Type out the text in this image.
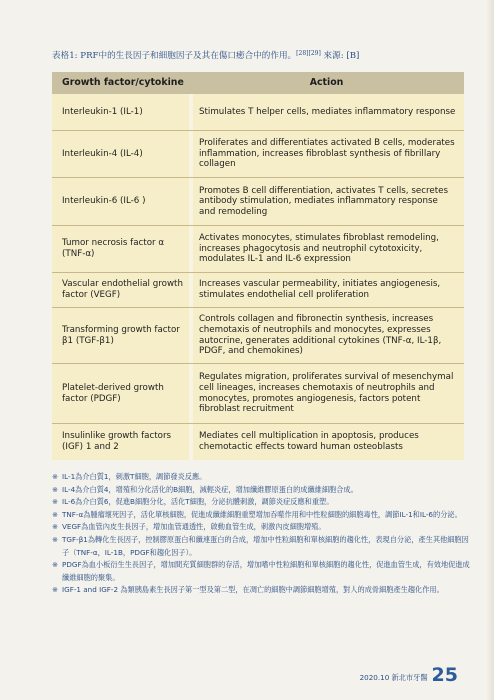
表格1: PRF中的生長因子和細胞因子及其在傷口癒合中的作用。[28][29] 來源: [B]
Growth factor/cytokine	Action
Interleukin-1 (IL-1)	Stimulates T helper cells, mediates inflammatory response
Interleukin-4 (IL-4)
Proliferates and differentiates activated B cells, moderates inflammation, increases fibroblast synthesis of fibrillary collagen
Interleukin-6 (IL-6 )
Promotes B cell differentiation, activates T cells, secretes antibody stimulation, mediates inflammatory response and remodeling
Tumor necrosis factor α (TNF-α)
Activates monocytes, stimulates fibroblast remodeling, increases phagocytosis and neutrophil cytotoxicity, modulates IL-1 and IL-6 expression
Vascular endothelial growth factor (VEGF)
Increases vascular permeability, initiates angiogenesis, stimulates endothelial cell proliferation
Transforming growth factor β1 (TGF-β1)
Controls collagen and fibronectin synthesis, increases chemotaxis of neutrophils and monocytes, expresses autocrine, generates additional cytokines (TNF-α, IL-1β, PDGF, and chemokines)
Platelet-derived growth factor (PDGF)
Regulates migration, proliferates survival of mesenchymal cell lineages, increases chemotaxis of neutrophils and monocytes, promotes angiogenesis, factors potent fibroblast recruitment
Insulinlike growth factors (IGF) 1 and 2
Mediates cell multiplication in apoptosis, produces chemotactic effects toward human osteoblasts
※ IL-1為介白質1，刺激T細胞，調節發炎反應。
※ IL-4為介白質4，增殖和分化活化的B細胞，減輕炎症，增加纖維膠原蛋白的成纖維細胞合成。
※ IL-6為介白質6，促進B細胞分化，活化T細胞，分泌抗體刺激，調節炎症反應和重塑。
※ TNF-α為腫瘤壞死因子，活化單核細胞，促進成纖維細胞重塑增加吞噬作用和中性粒細胞的細胞毒性，調節IL-1和IL-6的分泌。
※ VEGF為血管內皮生長因子，增加血管通透性，啟動血管生成，刺激內皮細胞增殖。
※ TGF-β1為轉化生長因子，控制膠原蛋白和纖連蛋白的合成，增加中性粒細胞和單核細胞的趨化性，表現自分泌，產生其他細胞因子（TNF-α，IL-1B，PDGF和趨化因子）。
※ PDGF為血小板衍生生長因子，增加間充質細胞群的存活，增加嗜中性粒細胞和單核細胞的趨化性，促進血管生成，有效地促進成纖維細胞的聚集。
※ IGF-1 and IGF-2 為類胰島素生長因子第一型及第二型，在凋亡的細胞中調節細胞增殖，對人的成骨細胞產生趨化作用。
2020.10 新北市牙醫 25
